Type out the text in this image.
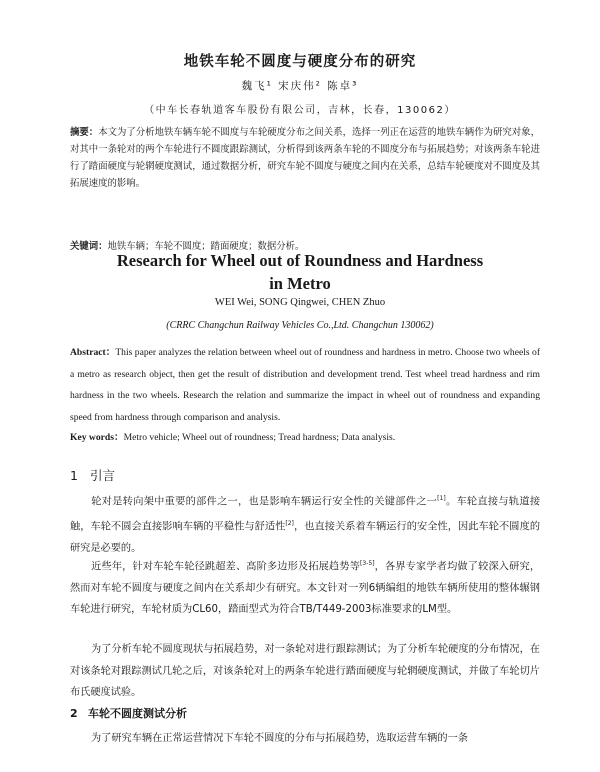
地铁车轮不圆度与硬度分布的研究
魏飞¹ 宋庆伟² 陈卓³
（中车长春轨道客车股份有限公司，吉林，长春，130062）
摘要：本文为了分析地铁车辆车轮不圆度与车轮硬度分布之间关系，选择一列正在运营的地铁车辆作为研究对象，对其中一条轮对的两个车轮进行不圆度跟踪测试，分析得到该两条车轮的不圆度分布与拓展趋势；对该两条车轮进行了踏面硬度与轮辋硬度测试，通过数据分析，研究车轮不圆度与硬度之间内在关系，总结车轮硬度对不圆度及其拓展速度的影响。
关键词：地铁车辆；车轮不圆度；踏面硬度；数据分析。
Research for Wheel out of Roundness and Hardness
in Metro
WEI Wei, SONG Qingwei, CHEN Zhuo
(CRRC Changchun Railway Vehicles Co.,Ltd. Changchun 130062)
Abstract：This paper analyzes the relation between wheel out of roundness and hardness in metro. Choose two wheels of a metro as research object, then get the result of distribution and development trend. Test wheel tread hardness and rim hardness in the two wheels. Research the relation and summarize the impact in wheel out of roundness and expanding speed from hardness through comparison and analysis.
Key words：Metro vehicle; Wheel out of roundness; Tread hardness; Data analysis.
1 引言
轮对是转向架中重要的部件之一，也是影响车辆运行安全性的关键部件之一[1]。车轮直接与轨道接触，车轮不圆会直接影响车辆的平稳性与舒适性[2]，也直接关系着车辆运行的安全性，因此车轮不圆度的研究是必要的。
近些年，针对车轮车轮径跳超差、高阶多边形及拓展趋势等[3-5]，各界专家学者均做了较深入研究，然而对车轮不圆度与硬度之间内在关系却少有研究。本文针对一列6辆编组的地铁车辆所使用的整体辗钢车轮进行研究，车轮材质为CL60，踏面型式为符合TB/T449-2003标准要求的LM型。
为了分析车轮不圆度现状与拓展趋势，对一条轮对进行跟踪测试；为了分析车轮硬度的分布情况，在对该条轮对跟踪测试几轮之后，对该条轮对上的两条车轮进行踏面硬度与轮辋硬度测试，并做了车轮切片布氏硬度试验。
2 车轮不圆度测试分析
为了研究车辆在正常运营情况下车轮不圆度的分布与拓展趋势，选取运营车辆的一条
